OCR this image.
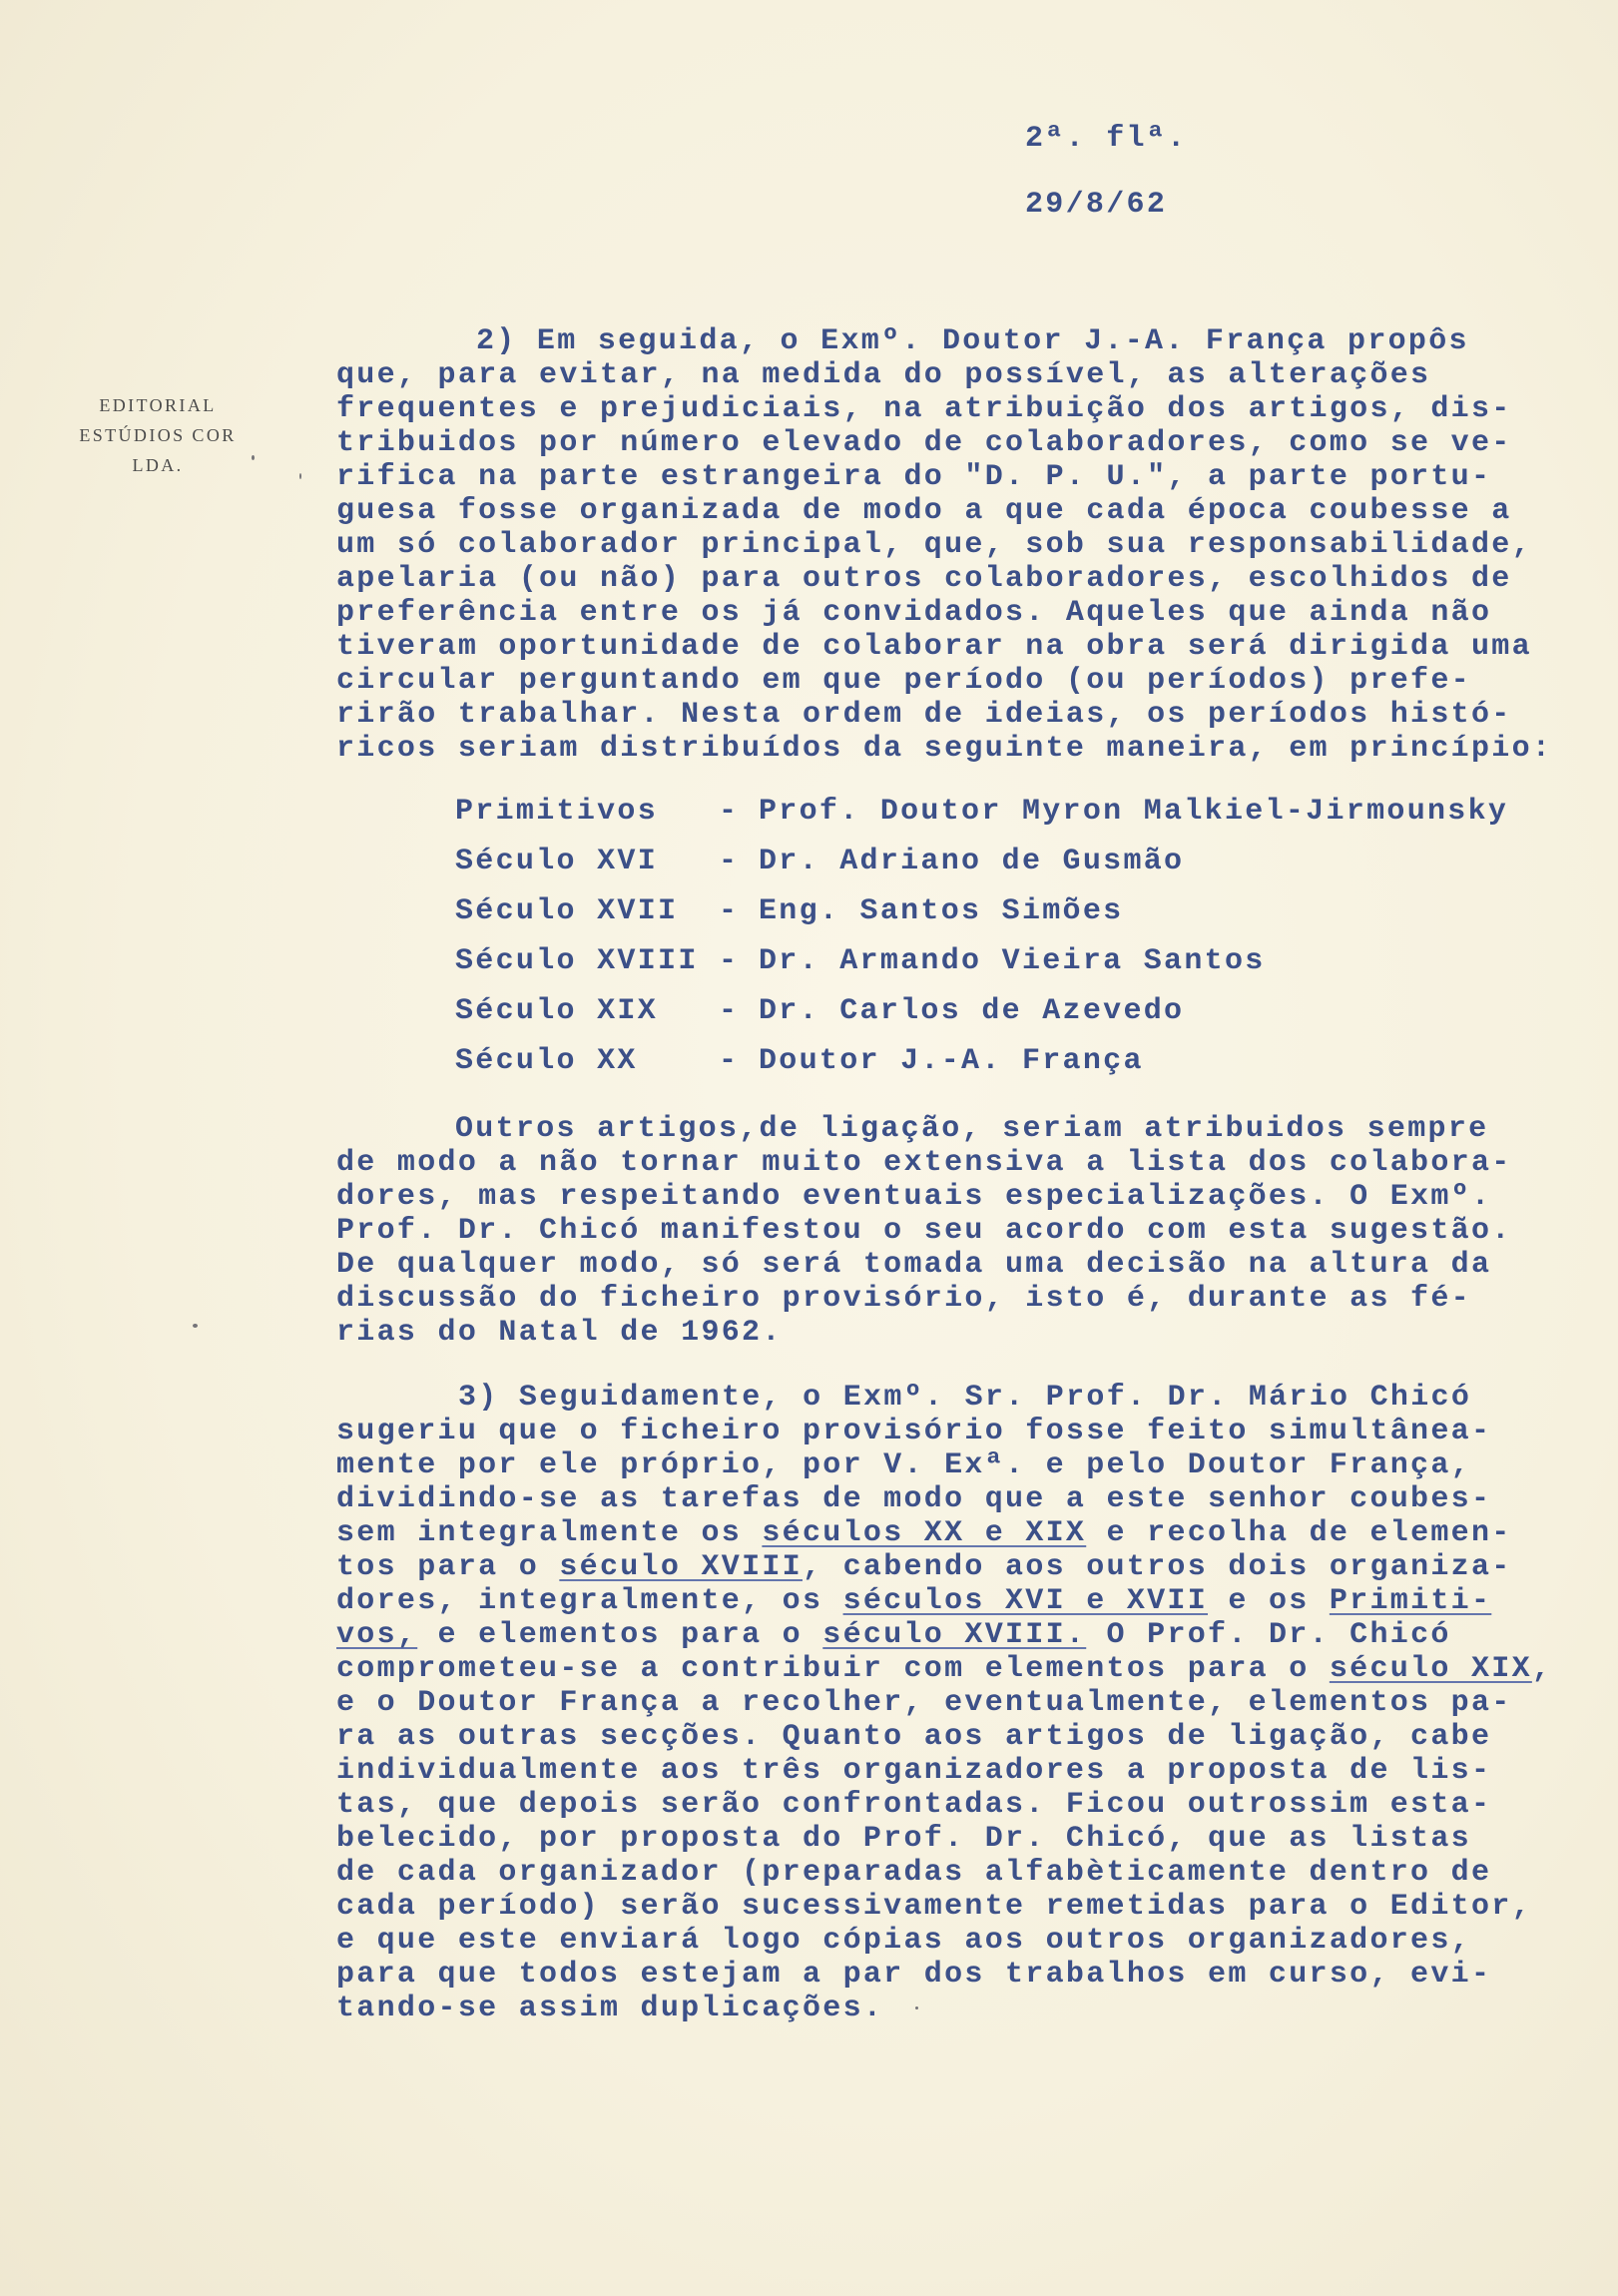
2ª. flª.
29/8/62
EDITORIAL
ESTÚDIOS COR
LDA.
2) Em seguida, o Exmº. Doutor J.-A. França propôs
que, para evitar, na medida do possível, as alterações
frequentes e prejudiciais, na atribuição dos artigos, dis-
tribuidos por número elevado de colaboradores, como se ve-
rifica na parte estrangeira do "D. P. U.", a parte portu-
guesa fosse organizada de modo a que cada época coubesse a
um só colaborador principal, que, sob sua responsabilidade,
apelaria (ou não) para outros colaboradores, escolhidos de
preferência entre os já convidados. Aqueles que ainda não
tiveram oportunidade de colaborar na obra será dirigida uma
circular perguntando em que período (ou períodos) prefe-
rirão trabalhar. Nesta ordem de ideias, os períodos histó-
ricos seriam distribuídos da seguinte maneira, em princípio:
Primitivos - Prof. Doutor Myron Malkiel-Jirmounsky
Século XVI - Dr. Adriano de Gusmão
Século XVII - Eng. Santos Simões
Século XVIII - Dr. Armando Vieira Santos
Século XIX - Dr. Carlos de Azevedo
Século XX	- Doutor J.-A. França
Outros artigos,de ligação, seriam atribuidos sempre
de modo a não tornar muito extensiva a lista dos colabora-
dores, mas respeitando eventuais especializações. O Exmº.
Prof. Dr. Chicó manifestou o seu acordo com esta sugestão.
De qualquer modo, só será tomada uma decisão na altura da
discussão do ficheiro provisório, isto é, durante as fé-
rias do Natal de 1962.
3) Seguidamente, o Exmº. Sr. Prof. Dr. Mário Chicó
sugeriu que o ficheiro provisório fosse feito simultânea-
mente por ele próprio, por V. Exª. e pelo Doutor França,
dividindo-se as tarefas de modo que a este senhor coubes-
sem integralmente os séculos XX e XIX e recolha de elemen-
tos para o século XVIII, cabendo aos outros dois organiza-
dores, integralmente, os séculos XVI e XVII e os Primiti-
vos, e elementos para o século XVIII. O Prof. Dr. Chicó
comprometeu-se a contribuir com elementos para o século XIX,
e o Doutor França a recolher, eventualmente, elementos pa-
ra as outras secções. Quanto aos artigos de ligação, cabe
individualmente aos três organizadores a proposta de lis-
tas, que depois serão confrontadas. Ficou outrossim esta-
belecido, por proposta do Prof. Dr. Chicó, que as listas
de cada organizador (preparadas alfabèticamente dentro de
cada período) serão sucessivamente remetidas para o Editor,
e que este enviará logo cópias aos outros organizadores,
para que todos estejam a par dos trabalhos em curso, evi-
tando-se assim duplicações.
